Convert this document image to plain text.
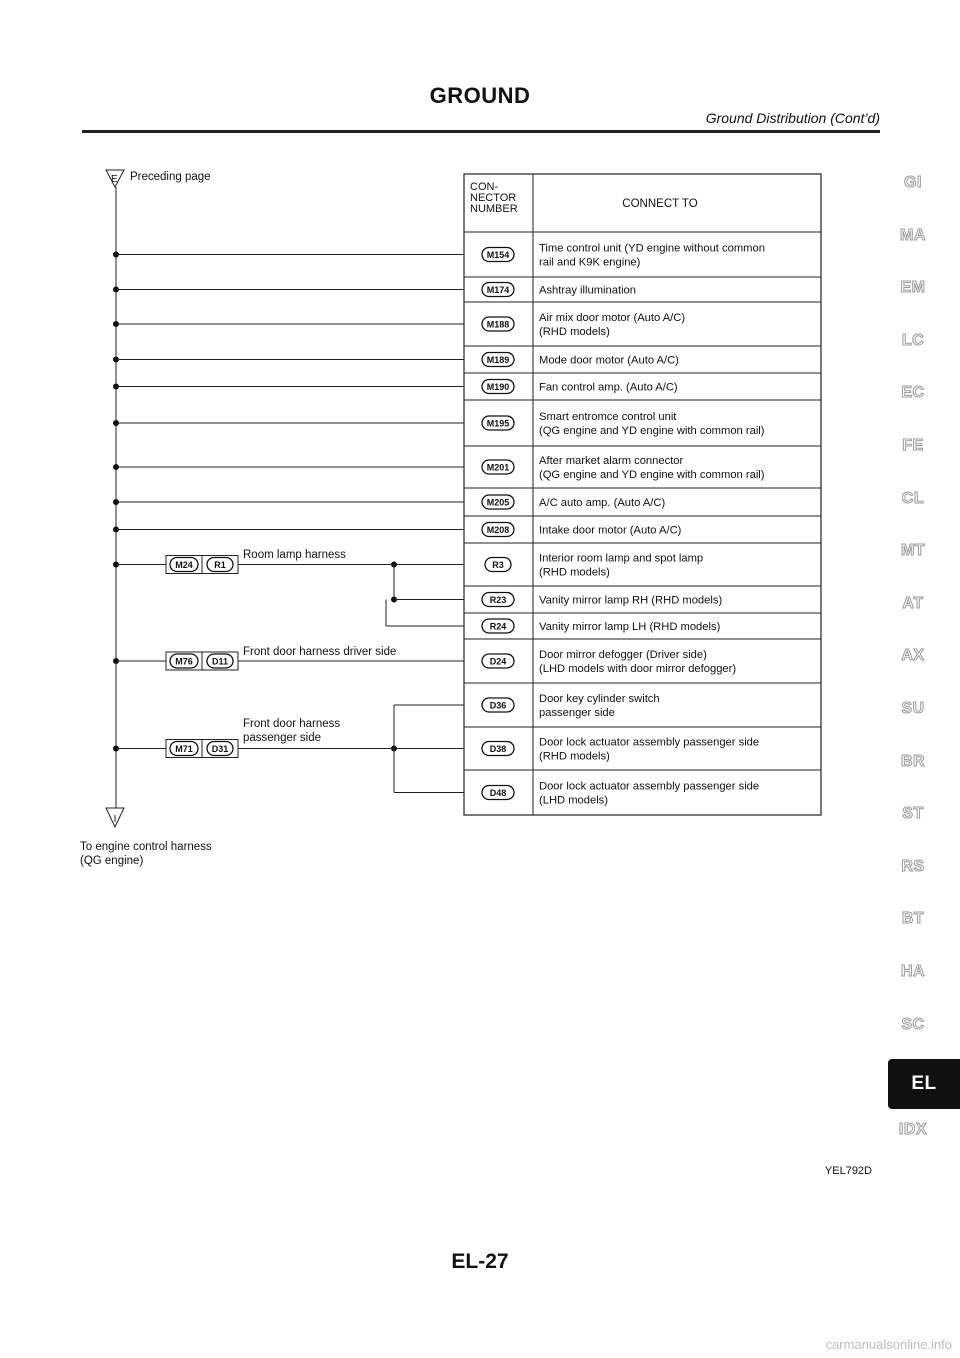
GROUND
Ground Distribution (Cont’d)
GI
MA
EM
LC
EC
FE
CL
MT
AT
AX
SU
BR
ST
RS
BT
HA
SC
EL
IDX
CON-
NECTOR
NUMBER	CONNECT TO
M154
Time control unit (YD engine without common
rail and K9K engine)
M174	Ashtray illumination
M188
Air mix door motor (Auto A/C)
(RHD models)
M189	Mode door motor (Auto A/C)
M190	Fan control amp. (Auto A/C)
M195
Smart entromce control unit
(QG engine and YD engine with common rail)
M201
After market alarm connector
(QG engine and YD engine with common rail)
M205	A/C auto amp. (Auto A/C)
M208	Intake door motor (Auto A/C)
R3
Interior room lamp and spot lamp
(RHD models)
R23	Vanity mirror lamp RH (RHD models)
R24	Vanity mirror lamp LH (RHD models)
D24
Door mirror defogger (Driver side)
(LHD models with door mirror defogger)
D36
Door key cylinder switch
passenger side
D38
Door lock actuator assembly passenger side
(RHD models)
D48
Door lock actuator assembly passenger side
(LHD models)
E Preceding page
I
To engine control harness
(QG engine)
M24 R1
Room lamp harness
M76 D11
Front door harness driver side
M71 D31
Front door harness
passenger side
YEL792D
EL-27
carmanualsonline.info
